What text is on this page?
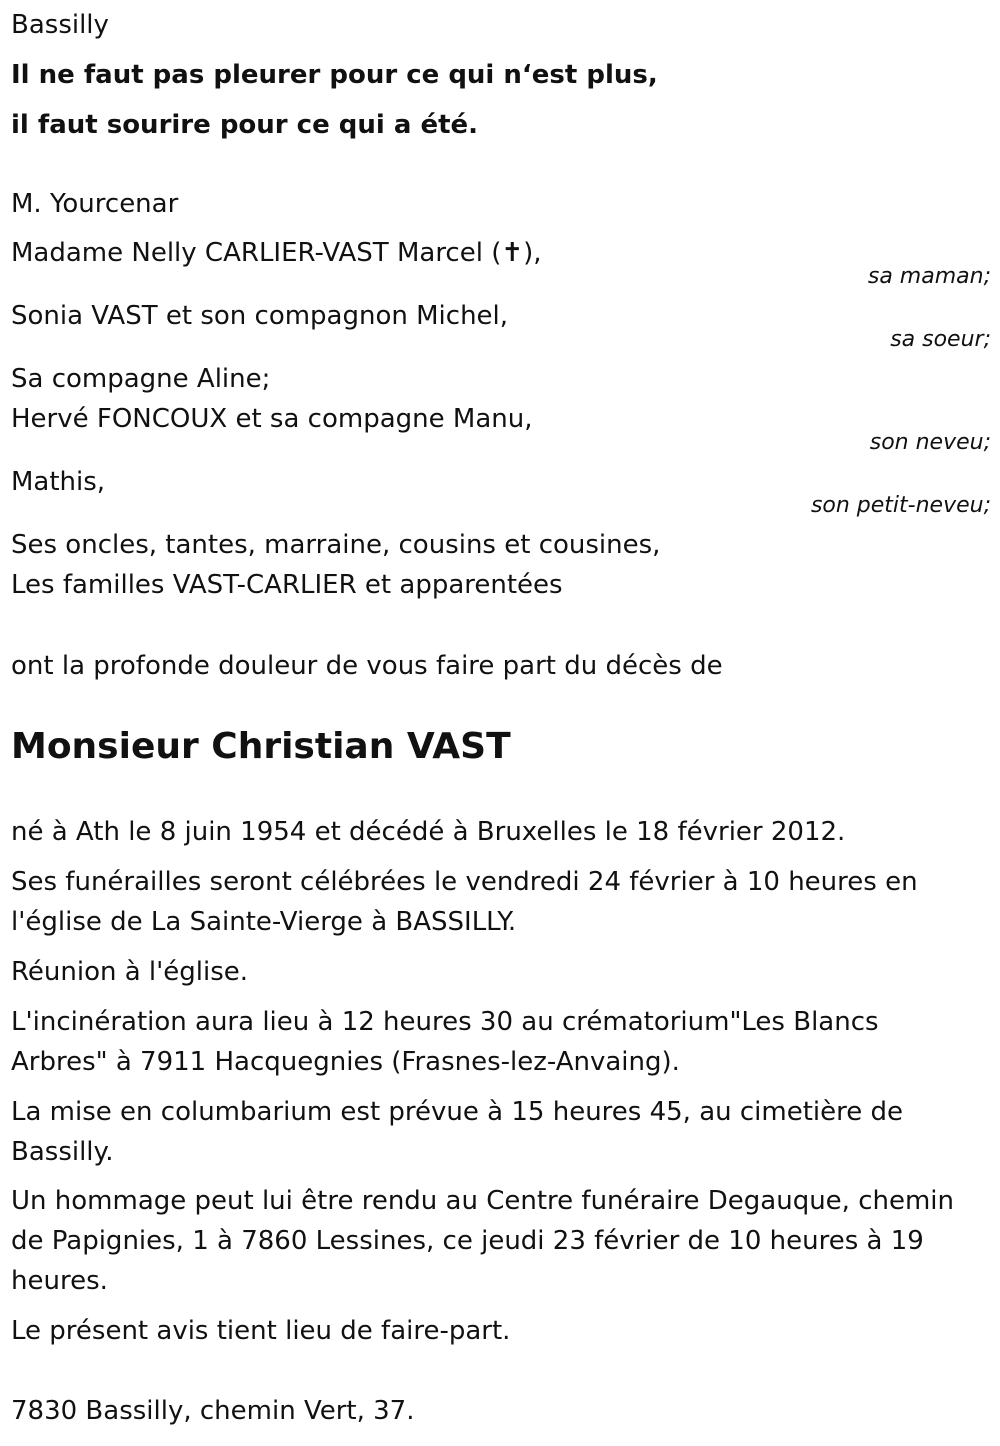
Bassilly
Il ne faut pas pleurer pour ce qui n‘est plus,
il faut sourire pour ce qui a été.
M. Yourcenar
Madame Nelly CARLIER-VAST Marcel (✝),
sa maman;
Sonia VAST et son compagnon Michel,
sa soeur;
Sa compagne Aline;
Hervé FONCOUX et sa compagne Manu,
son neveu;
Mathis,
son petit-neveu;
Ses oncles, tantes, marraine, cousins et cousines,
Les familles VAST-CARLIER et apparentées
ont la profonde douleur de vous faire part du décès de
Monsieur Christian VAST
né à Ath le 8 juin 1954 et décédé à Bruxelles le 18 février 2012.
Ses funérailles seront célébrées le vendredi 24 février à 10 heures en
l'église de La Sainte-Vierge à BASSILLY.
Réunion à l'église.
L'incinération aura lieu à 12 heures 30 au crématorium"Les Blancs
Arbres" à 7911 Hacquegnies (Frasnes-lez-Anvaing).
La mise en columbarium est prévue à 15 heures 45, au cimetière de
Bassilly.
Un hommage peut lui être rendu au Centre funéraire Degauque, chemin
de Papignies, 1 à 7860 Lessines, ce jeudi 23 février de 10 heures à 19
heures.
Le présent avis tient lieu de faire-part.
7830 Bassilly, chemin Vert, 37.
